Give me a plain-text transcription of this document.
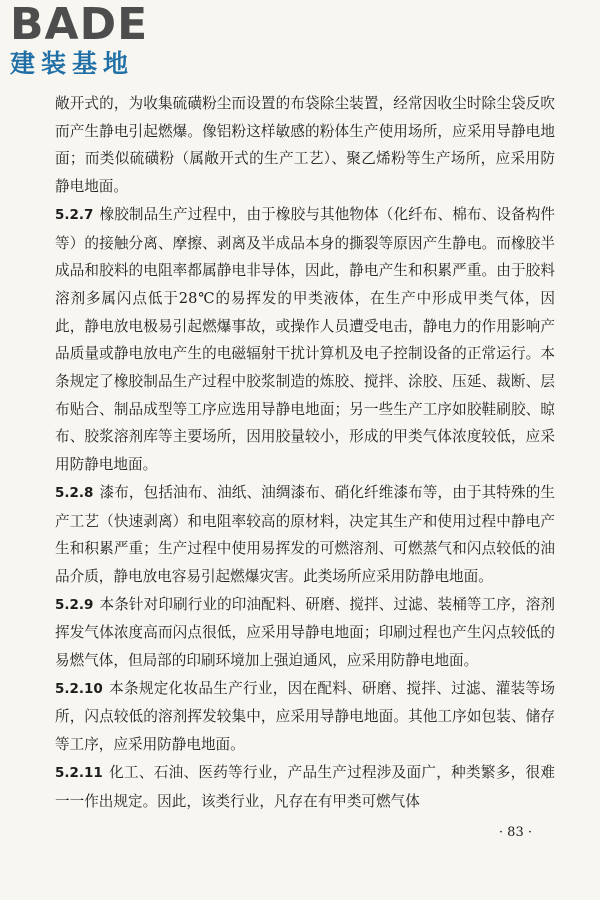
BADE
建装基地

敞开式的，为收集硫磺粉尘而设置的布袋除尘装置，经常因收尘时除尘袋反吹而产生静电引起燃爆。像铝粉这样敏感的粉体生产使用场所，应采用导静电地面；而类似硫磺粉（属敞开式的生产工艺）、聚乙烯粉等生产场所，应采用防静电地面。

5.2.7 橡胶制品生产过程中，由于橡胶与其他物体（化纤布、棉布、设备构件等）的接触分离、摩擦、剥离及半成品本身的撕裂等原因产生静电。而橡胶半成品和胶料的电阻率都属静电非导体，因此，静电产生和积累严重。由于胶料溶剂多属闪点低于28℃的易挥发的甲类液体，在生产中形成甲类气体，因此，静电放电极易引起燃爆事故，或操作人员遭受电击，静电力的作用影响产品质量或静电放电产生的电磁辐射干扰计算机及电子控制设备的正常运行。本条规定了橡胶制品生产过程中胶浆制造的炼胶、搅拌、涂胶、压延、裁断、层布贴合、制品成型等工序应选用导静电地面；另一些生产工序如胶鞋刷胶、晾布、胶浆溶剂库等主要场所，因用胶量较小，形成的甲类气体浓度较低，应采用防静电地面。

5.2.8 漆布，包括油布、油纸、油绸漆布、硝化纤维漆布等，由于其特殊的生产工艺（快速剥离）和电阻率较高的原材料，决定其生产和使用过程中静电产生和积累严重；生产过程中使用易挥发的可燃溶剂、可燃蒸气和闪点较低的油品介质，静电放电容易引起燃爆灾害。此类场所应采用防静电地面。

5.2.9 本条针对印刷行业的印油配料、研磨、搅拌、过滤、装桶等工序，溶剂挥发气体浓度高而闪点很低，应采用导静电地面；印刷过程也产生闪点较低的易燃气体，但局部的印刷环境加上强迫通风，应采用防静电地面。

5.2.10 本条规定化妆品生产行业，因在配料、研磨、搅拌、过滤、灌装等场所，闪点较低的溶剂挥发较集中，应采用导静电地面。其他工序如包装、储存等工序，应采用防静电地面。

5.2.11 化工、石油、医药等行业，产品生产过程涉及面广，种类繁多，很难一一作出规定。因此，该类行业，凡存在有甲类可燃气体

· 83 ·
